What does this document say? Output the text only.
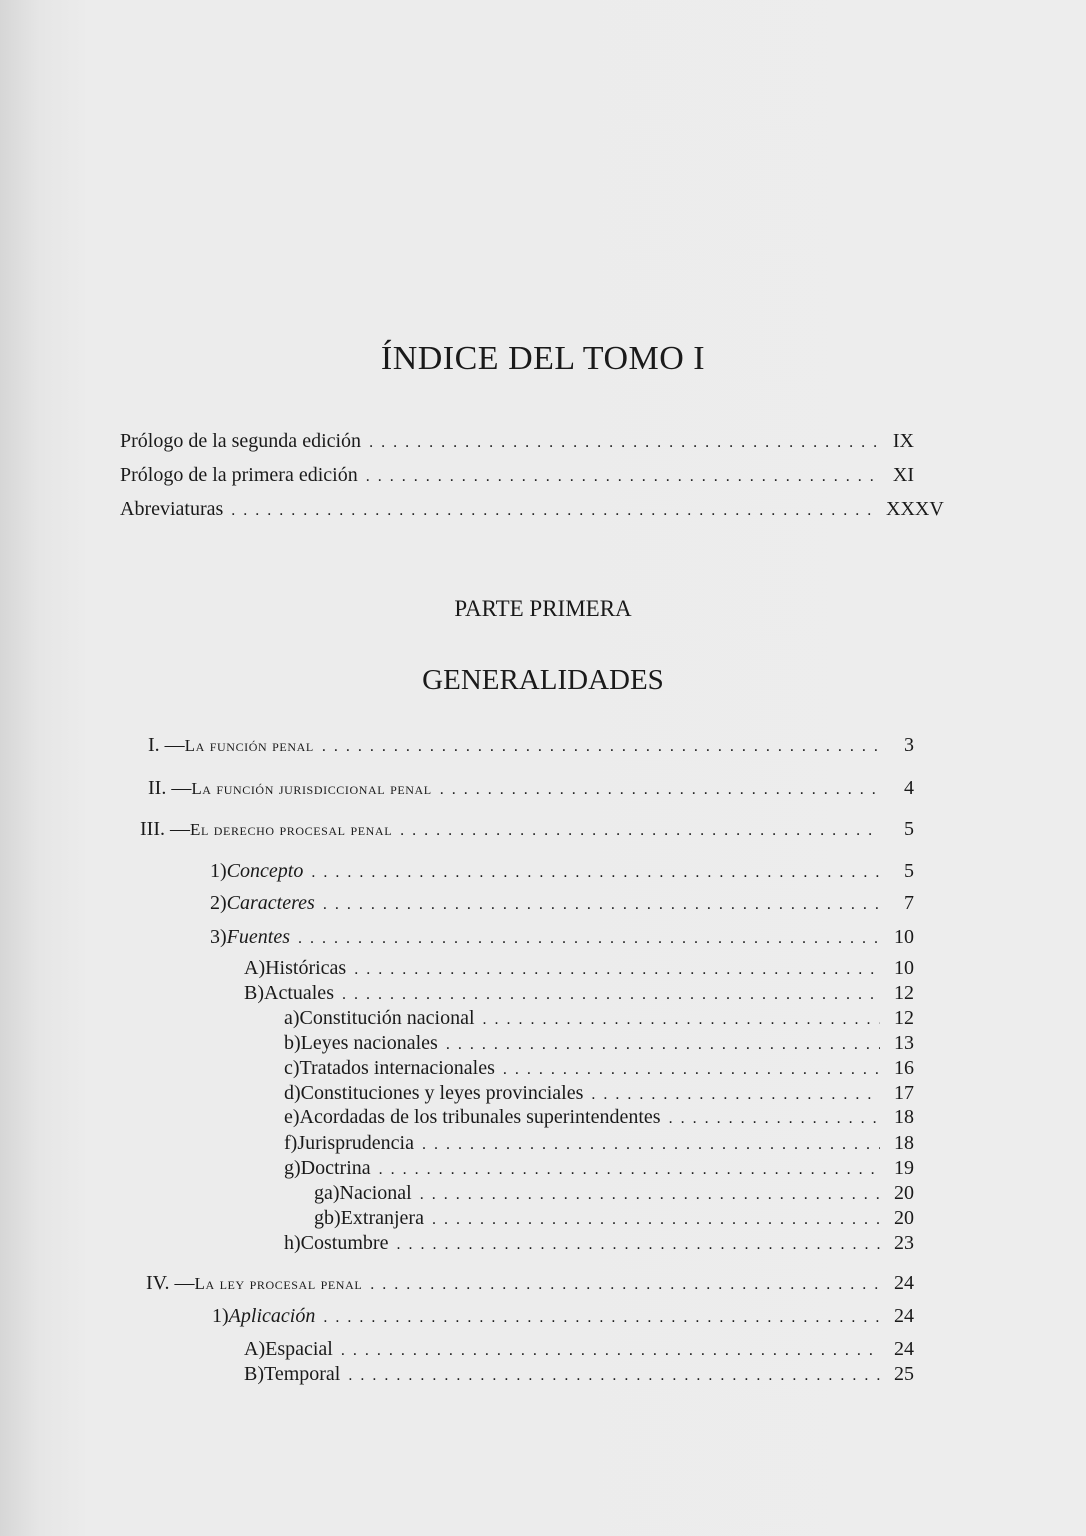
ÍNDICE DEL TOMO I
Prólogo de la segunda edición . . .	IX
Prólogo de la primera edición . . .	XI
Abreviaturas . . .	XXXV
PARTE PRIMERA
GENERALIDADES
I. — La función penal . . .	3
II. — La función jurisdiccional penal . . .	4
III. — El derecho procesal penal . . .	5
1) Concepto . . .	5
2) Caracteres . . .	7
3) Fuentes . . .	10
A) Históricas . . .	10
B) Actuales . . .	12
a) Constitución nacional . . .	12
b) Leyes nacionales . . .	13
c) Tratados internacionales . . .	16
d) Constituciones y leyes provinciales . . .	17
e) Acordadas de los tribunales superintendentes . . .	18
f) Jurisprudencia . . .	18
g) Doctrina . . .	19
ga) Nacional . . .	20
gb) Extranjera . . .	20
h) Costumbre . . .	23
IV. — La ley procesal penal . . .	24
1) Aplicación . . .	24
A) Espacial . . .	24
B) Temporal . . .	25
